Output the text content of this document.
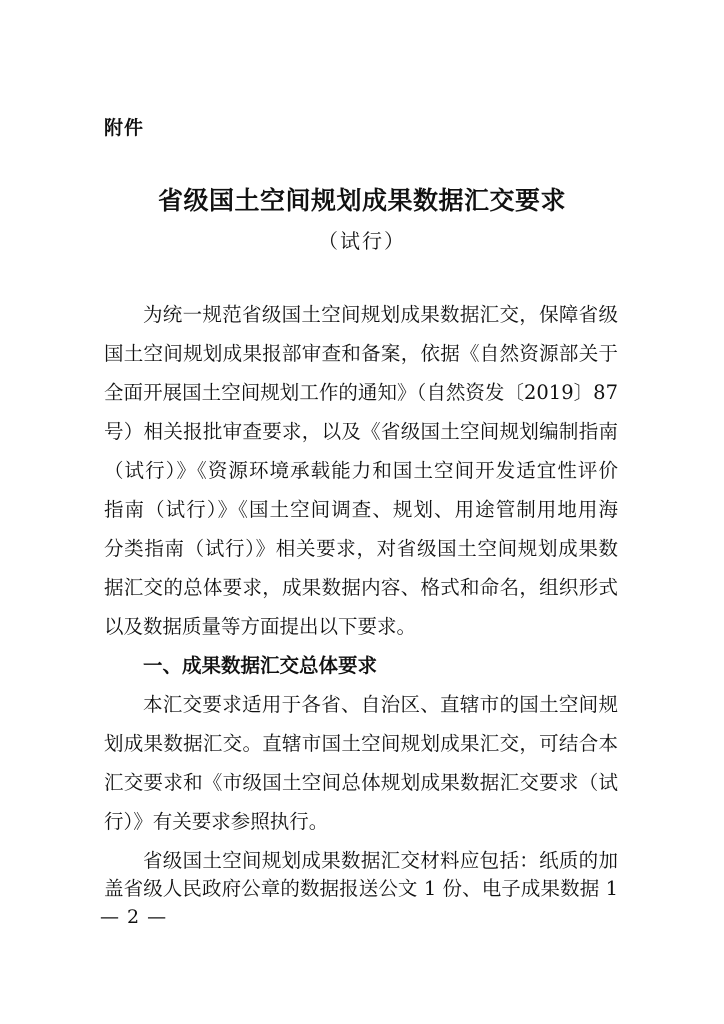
附件
省级国土空间规划成果数据汇交要求
（试行）
为统一规范省级国土空间规划成果数据汇交，保障省级
国土空间规划成果报部审查和备案，依据《自然资源部关于
全面开展国土空间规划工作的通知》（自然资发〔2019〕87
号）相关报批审查要求，以及《省级国土空间规划编制指南
（试行）》《资源环境承载能力和国土空间开发适宜性评价
指南（试行）》《国土空间调查、规划、用途管制用地用海
分类指南（试行）》相关要求，对省级国土空间规划成果数
据汇交的总体要求，成果数据内容、格式和命名，组织形式
以及数据质量等方面提出以下要求。
一、成果数据汇交总体要求
本汇交要求适用于各省、自治区、直辖市的国土空间规
划成果数据汇交。直辖市国土空间规划成果汇交，可结合本
汇交要求和《市级国土空间总体规划成果数据汇交要求（试
行）》有关要求参照执行。
省级国土空间规划成果数据汇交材料应包括：纸质的加
盖省级人民政府公章的数据报送公文 1 份、电子成果数据 1
— 2 —
